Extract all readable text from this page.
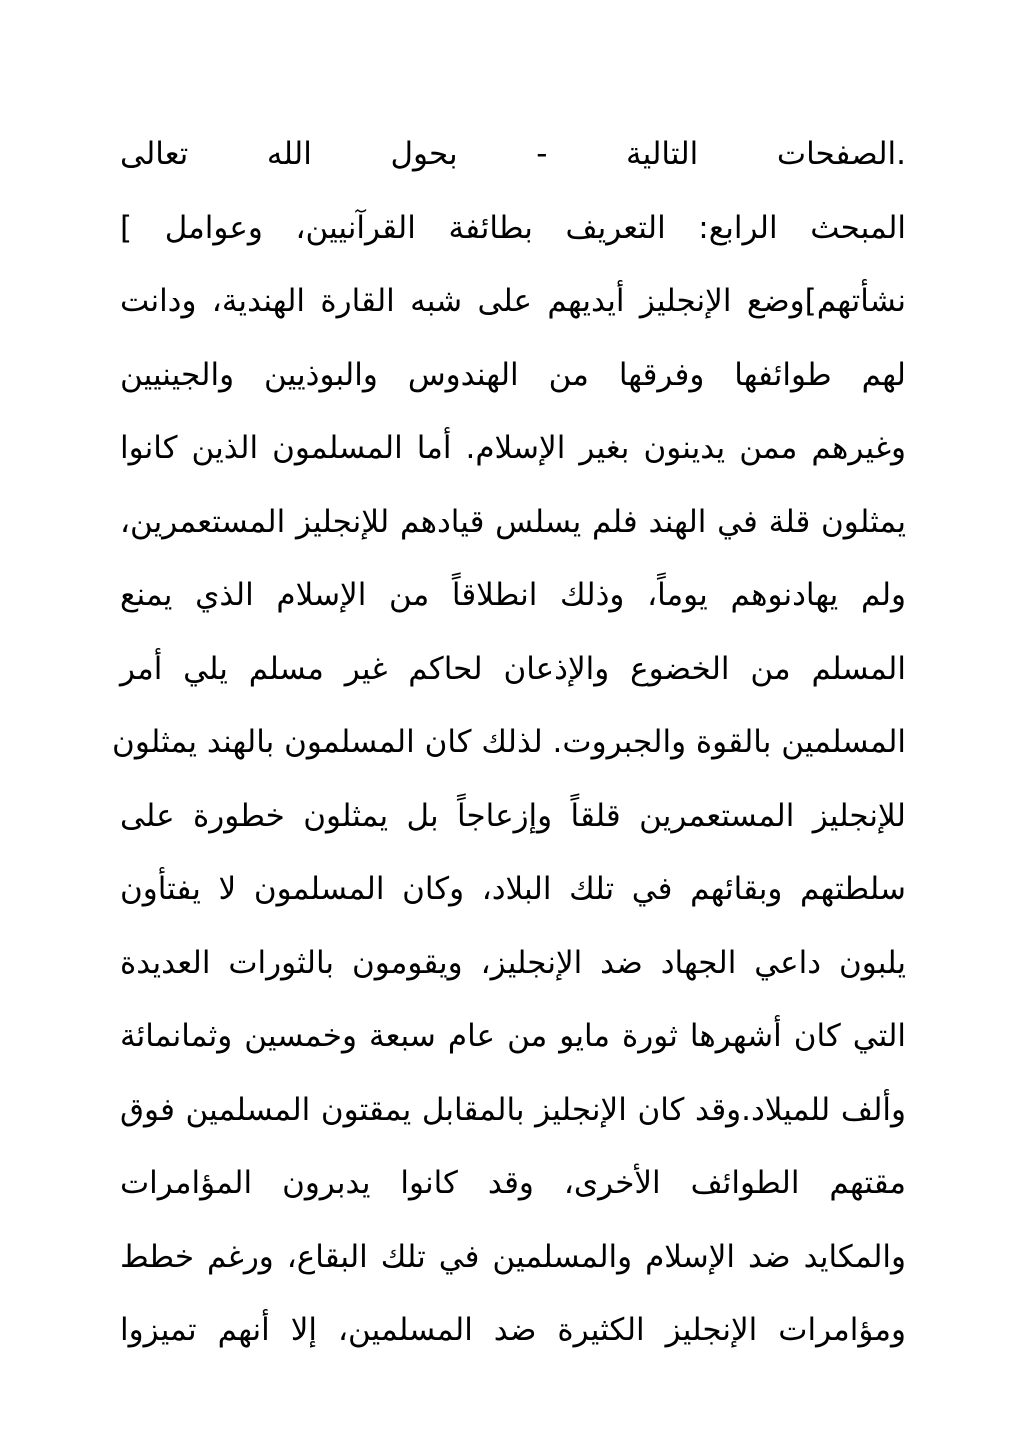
.الصفحات التالية - بحول الله تعالى
المبحث الرابع: التعريف بطائفة القرآنيين، وعوامل ]
نشأتهم]وضع الإنجليز أيديهم على شبه القارة الهندية، ودانت
لهم طوائفها وفرقها من الهندوس والبوذيين والجينيين
وغيرهم ممن يدينون بغير الإسلام. أما المسلمون الذين كانوا
يمثلون قلة في الهند فلم يسلس قيادهم للإنجليز المستعمرين،
ولم يهادنوهم يوماً، وذلك انطلاقاً من الإسلام الذي يمنع
المسلم من الخضوع والإذعان لحاكم غير مسلم يلي أمر
المسلمين بالقوة والجبروت. لذلك كان المسلمون بالهند يمثلون
للإنجليز المستعمرين قلقاً وإزعاجاً بل يمثلون خطورة على
سلطتهم وبقائهم في تلك البلاد، وكان المسلمون لا يفتأون
يلبون داعي الجهاد ضد الإنجليز، ويقومون بالثورات العديدة
التي كان أشهرها ثورة مايو من عام سبعة وخمسين وثمانمائة
وألف للميلاد.وقد كان الإنجليز بالمقابل يمقتون المسلمين فوق
مقتهم الطوائف الأخرى، وقد كانوا يدبرون المؤامرات
والمكايد ضد الإسلام والمسلمين في تلك البقاع، ورغم خطط
ومؤامرات الإنجليز الكثيرة ضد المسلمين، إلا أنهم تميزوا
